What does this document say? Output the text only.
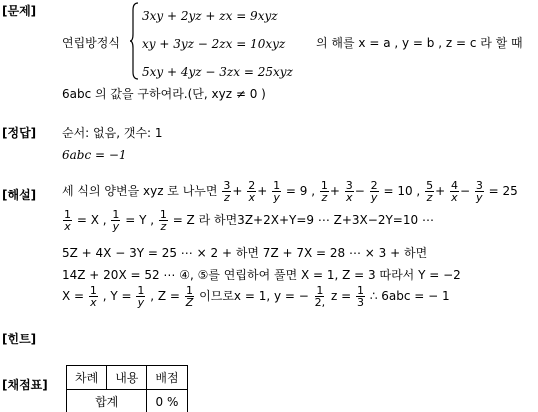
[문제]
[정답]
[해설]
[힌트]
[채점표]
연립방정식
3xy + 2yz + zx = 9xyz
xy + 3yz − 2zx = 10xyz
5xy + 4yz − 3zx = 25xyz
의 해를 x = a , y = b , z = c 라 할 때
6abc 의 값을 구하여라.(단, xyz ≠ 0 )
순서: 없음, 갯수: 1
6abc = −1
세 식의 양변을 xyz 로 나누면 $\frac{3}{z} + \frac{2}{x} + \frac{1}{y} = 9$ , $\frac{1}{z} + \frac{3}{x} - \frac{2}{y} = 10$ , $\frac{5}{z} + \frac{4}{x} - \frac{3}{y} = 25$
$\frac{1}{x} = X$ , $\frac{1}{y} = Y$ , $\frac{1}{z} = Z$ 라 하면3Z+2X+Y=9 ⋯ Z+3X−2Y=10 ⋯
5Z + 4X − 3Y = 25 ⋯ × 2 + 하면 7Z + 7X = 28 ⋯ × 3 + 하면
14Z + 20X = 52 ⋯ ④, ⑤를 연립하여 풀면 X = 1, Z = 3 따라서 Y = −2
$X = \frac{1}{x}$ , $Y = \frac{1}{y}$ , $Z = \frac{1}{Z}$ 이므로x = 1, y = − $\frac{1}{2,}$ $z = \frac{1}{3}$ ∴ 6abc = − 1
차례	내용	배점
합계		0 %
